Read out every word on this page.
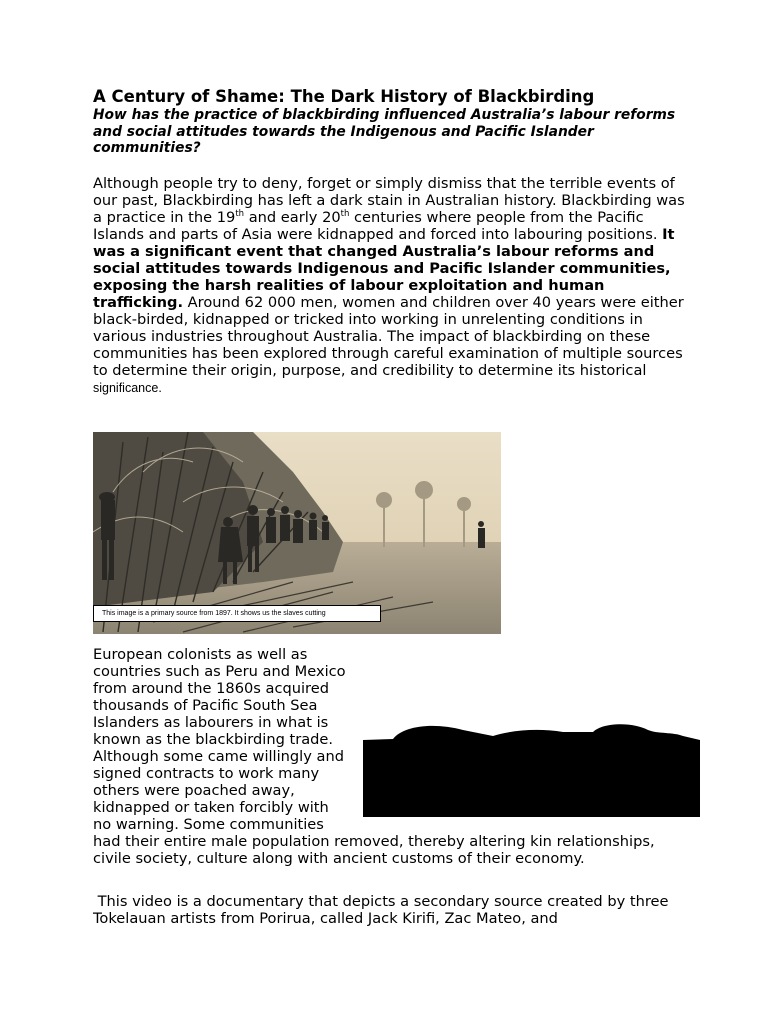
A Century of Shame: The Dark History of Blackbirding

How has the practice of blackbirding influenced Australia’s labour reforms and social attitudes towards the Indigenous and Pacific Islander communities?

Although people try to deny, forget or simply dismiss that the terrible events of our past, Blackbirding has left a dark stain in Australian history. Blackbirding was a practice in the 19th and early 20th centuries where people from the Pacific Islands and parts of Asia were kidnapped and forced into labouring positions. It was a significant event that changed Australia’s labour reforms and social attitudes towards Indigenous and Pacific Islander communities, exposing the harsh realities of labour exploitation and human trafficking. Around 62 000 men, women and children over 40 years were either black-birded, kidnapped or tricked into working in unrelenting conditions in various industries throughout Australia. The impact of blackbirding on these communities has been explored through careful examination of multiple sources to determine their origin, purpose, and credibility to determine its historical significance.

This image is a primary source from 1897. It shows us the slaves cutting

European colonists as well as countries such as Peru and Mexico from around the 1860s acquired thousands of Pacific South Sea Islanders as labourers in what is known as the blackbirding trade. Although some came willingly and signed contracts to work many others were poached away, kidnapped or taken forcibly with no warning. Some communities had their entire male population removed, thereby altering kin relationships, civile society, culture along with ancient customs of their economy.

This video is a documentary that depicts a secondary source created by three Tokelauan artists from Porirua, called Jack Kirifi, Zac Mateo, and
